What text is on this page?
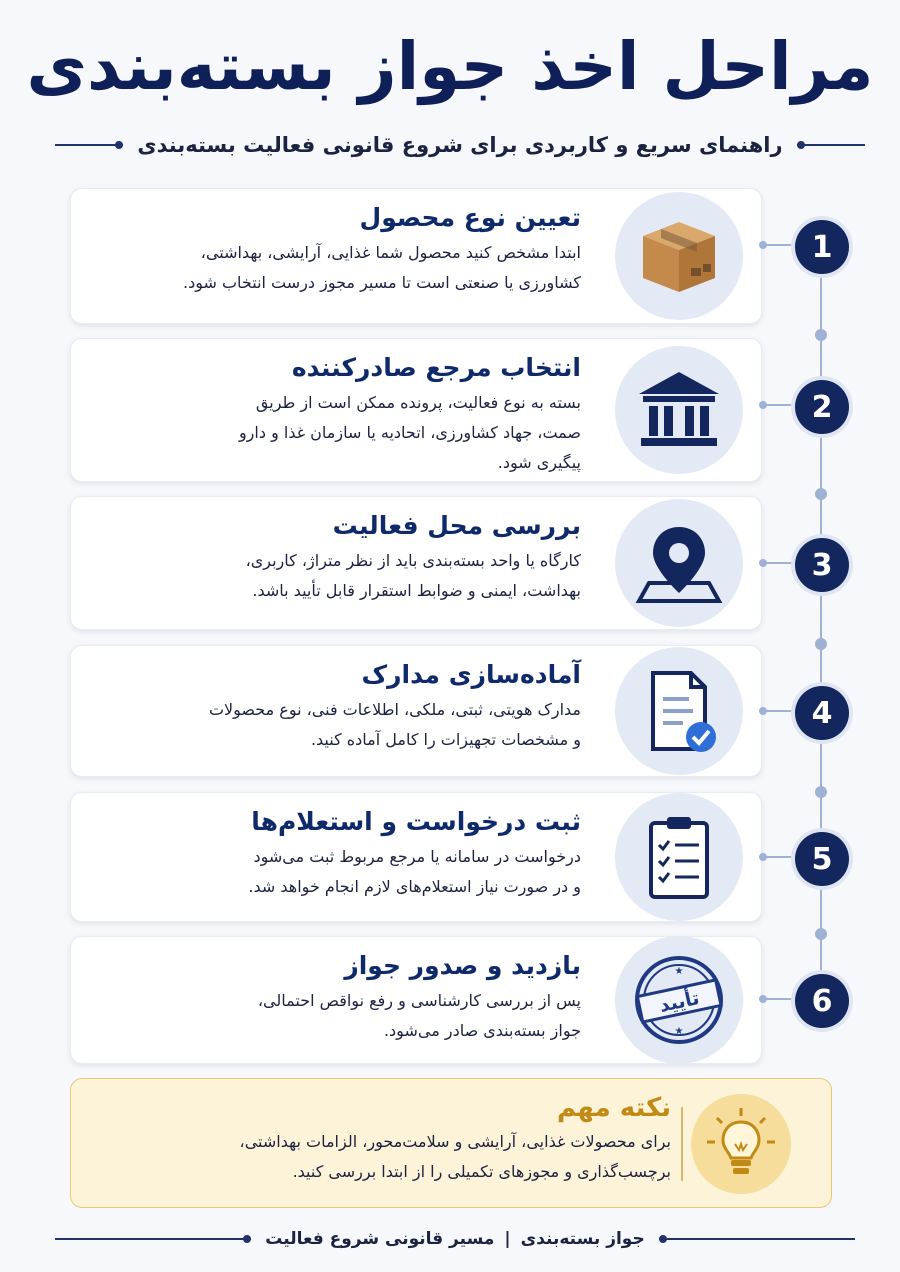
مراحل اخذ جواز بسته‌بندی
راهنمای سریع و کاربردی برای شروع قانونی فعالیت بسته‌بندی
تعیین نوع محصول
ابتدا مشخص کنید محصول شما غذایی، آرایشی، بهداشتی،
کشاورزی یا صنعتی است تا مسیر مجوز درست انتخاب شود.
1
انتخاب مرجع صادرکننده
بسته به نوع فعالیت، پرونده ممکن است از طریق
صمت، جهاد کشاورزی، اتحادیه یا سازمان غذا و دارو
پیگیری شود.
2
بررسی محل فعالیت
کارگاه یا واحد بسته‌بندی باید از نظر متراژ، کاربری،
بهداشت، ایمنی و ضوابط استقرار قابل تأیید باشد.
3
آماده‌سازی مدارک
مدارک هویتی، ثبتی، ملکی، اطلاعات فنی، نوع محصولات
و مشخصات تجهیزات را کامل آماده کنید.
4
ثبت درخواست و استعلام‌ها
درخواست در سامانه یا مرجع مربوط ثبت می‌شود
و در صورت نیاز استعلام‌های لازم انجام خواهد شد.
5
بازدید و صدور جواز
پس از بررسی کارشناسی و رفع نواقص احتمالی،
جواز بسته‌بندی صادر می‌شود.
★
★
تأیید	6
نکته مهم
برای محصولات غذایی، آرایشی و سلامت‌محور، الزامات بهداشتی،
برچسب‌گذاری و مجوزهای تکمیلی را از ابتدا بررسی کنید.
جواز بسته‌بندی|مسیر قانونی شروع فعالیت
